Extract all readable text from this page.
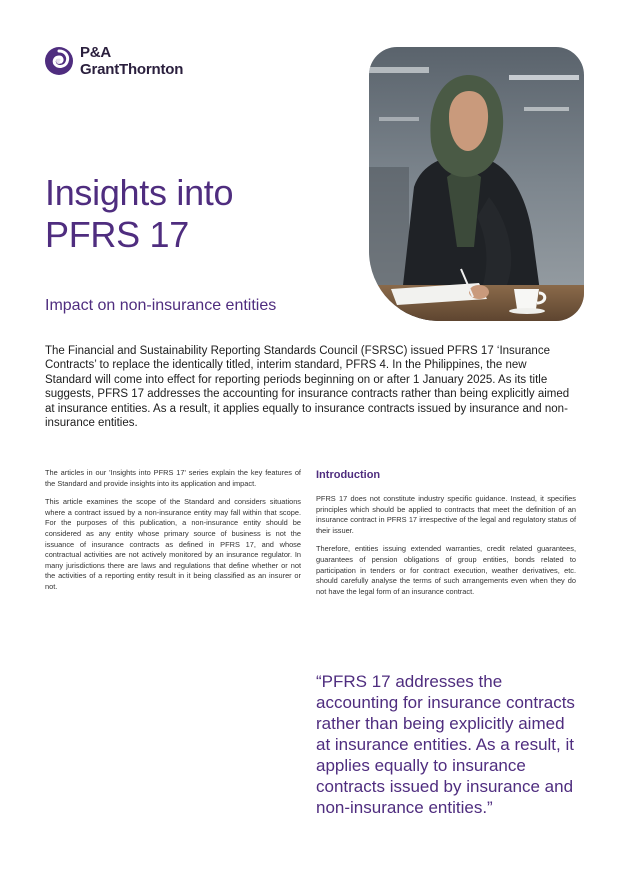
P&A
GrantThornton
Insights into
PFRS 17
Impact on non-insurance entities

The Financial and Sustainability Reporting Standards Council (FSRSC) issued PFRS 17 ‘Insurance Contracts’ to replace the identically titled, interim standard, PFRS 4. In the Philippines, the new Standard will come into effect for reporting periods beginning on or after 1 January 2025. As its title suggests, PFRS 17 addresses the accounting for insurance contracts rather than being explicitly aimed at insurance entities. As a result, it applies equally to insurance contracts issued by insurance and non-insurance entities.

The articles in our 'Insights into PFRS 17' series explain the key features of the Standard and provide insights into its application and impact.

This article examines the scope of the Standard and considers situations where a contract issued by a non-insurance entity may fall within that scope. For the purposes of this publication, a non-insurance entity should be considered as any entity whose primary source of business is not the issuance of insurance contracts as defined in PFRS 17, and whose contractual activities are not actively monitored by an insurance regulator. In many jurisdictions there are laws and regulations that define whether or not the activities of a reporting entity result in it being classified as an insurer or not.

Introduction

PFRS 17 does not constitute industry specific guidance. Instead, it specifies principles which should be applied to contracts that meet the definition of an insurance contract in PFRS 17 irrespective of the legal and regulatory status of their issuer.

Therefore, entities issuing extended warranties, credit related guarantees, guarantees of pension obligations of group entities, bonds related to participation in tenders or for contract execution, weather derivatives, etc. should carefully analyse the terms of such arrangements even when they do not have the legal form of an insurance contract.

“PFRS 17 addresses the accounting for insurance contracts rather than being explicitly aimed at insurance entities. As a result, it applies equally to insurance contracts issued by insurance and non-insurance entities.”
